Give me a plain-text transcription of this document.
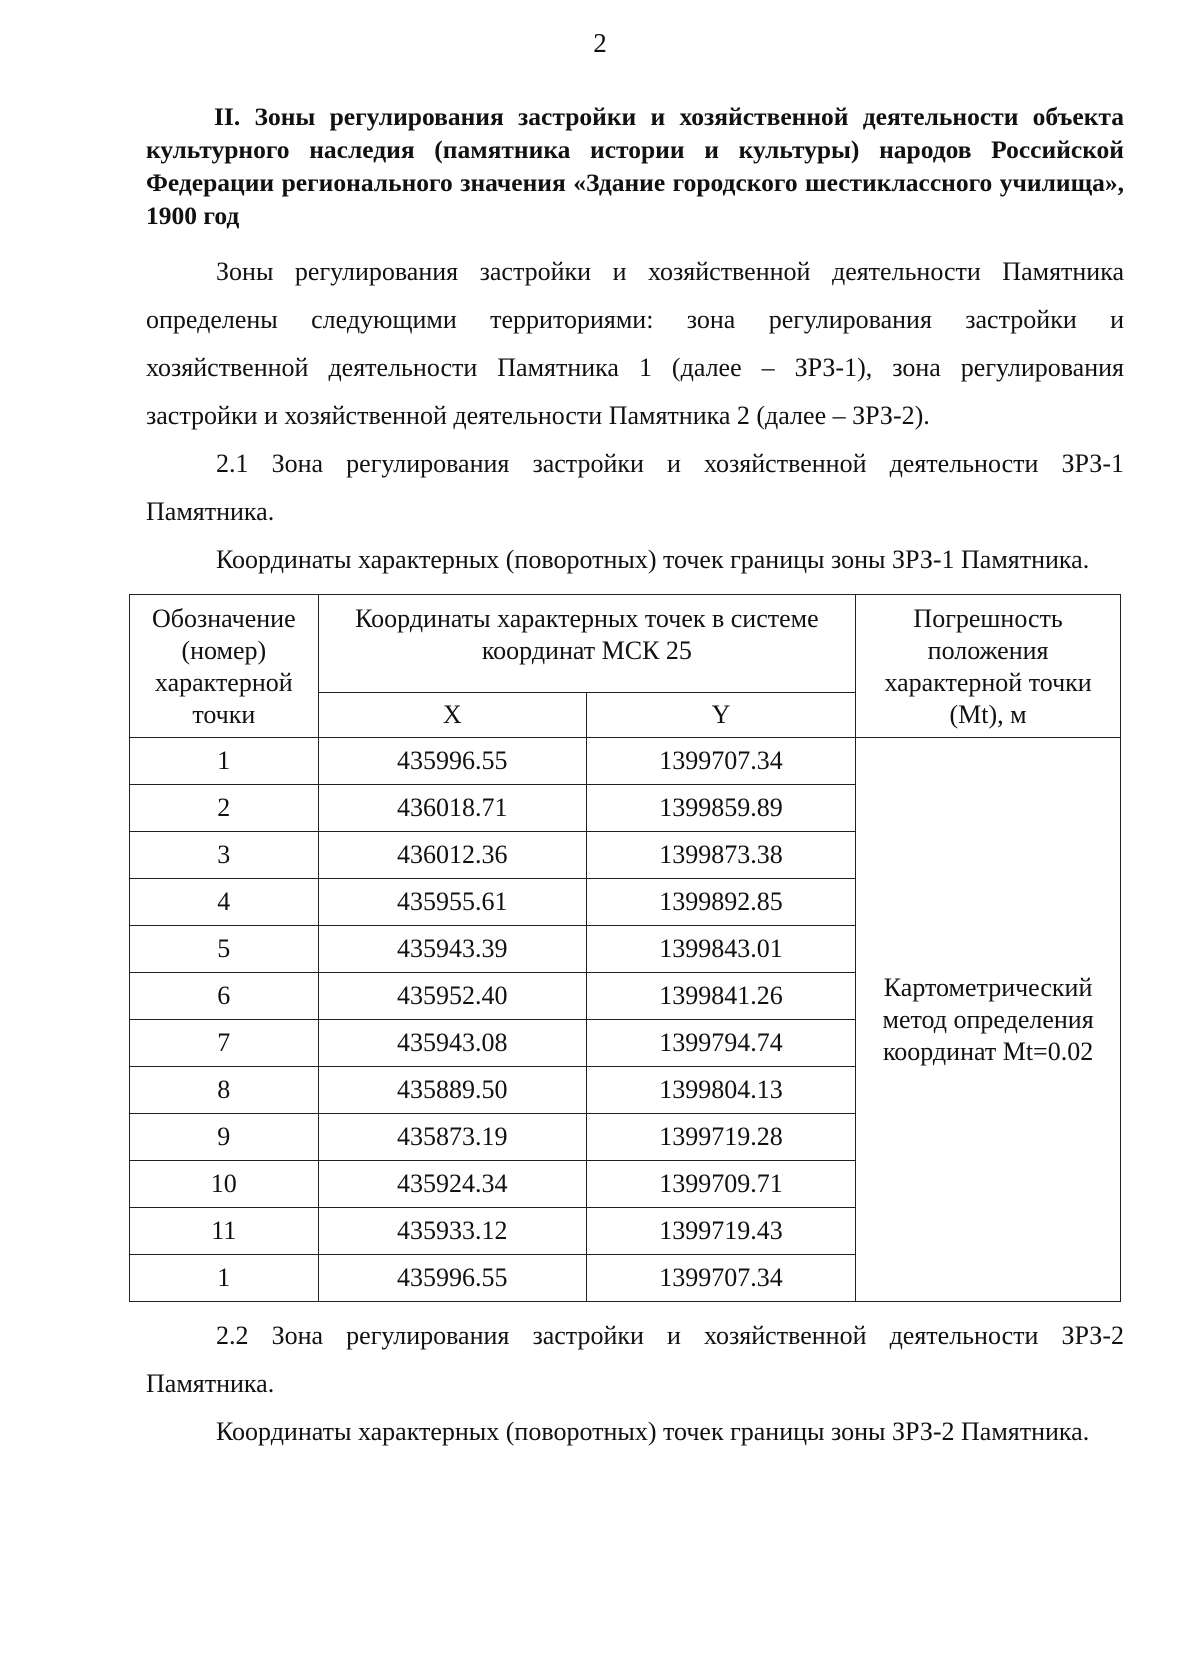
2

II. Зоны регулирования застройки и хозяйственной деятельности объекта культурного наследия (памятника истории и культуры) народов Российской Федерации регионального значения «Здание городского шестиклассного училища», 1900 год

Зоны регулирования застройки и хозяйственной деятельности Памятника определены следующими территориями: зона регулирования застройки и хозяйственной деятельности Памятника 1 (далее – ЗРЗ-1), зона регулирования застройки и хозяйственной деятельности Памятника 2 (далее – ЗРЗ-2).

2.1 Зона регулирования застройки и хозяйственной деятельности ЗРЗ-1 Памятника.

Координаты характерных (поворотных) точек границы зоны ЗРЗ-1 Памятника.

Обозначение (номер) характерной точки	Координаты характерных точек в системе координат МСК 25		Погрешность положения характерной точки (Mt), м
	X	Y	
1	435996.55	1399707.34	Картометрический метод определения координат Mt=0.02
2	436018.71	1399859.89	
3	436012.36	1399873.38	
4	435955.61	1399892.85	
5	435943.39	1399843.01	
6	435952.40	1399841.26	
7	435943.08	1399794.74	
8	435889.50	1399804.13	
9	435873.19	1399719.28	
10	435924.34	1399709.71	
11	435933.12	1399719.43	
1	435996.55	1399707.34	

2.2 Зона регулирования застройки и хозяйственной деятельности ЗРЗ-2 Памятника.

Координаты характерных (поворотных) точек границы зоны ЗРЗ-2 Памятника.
